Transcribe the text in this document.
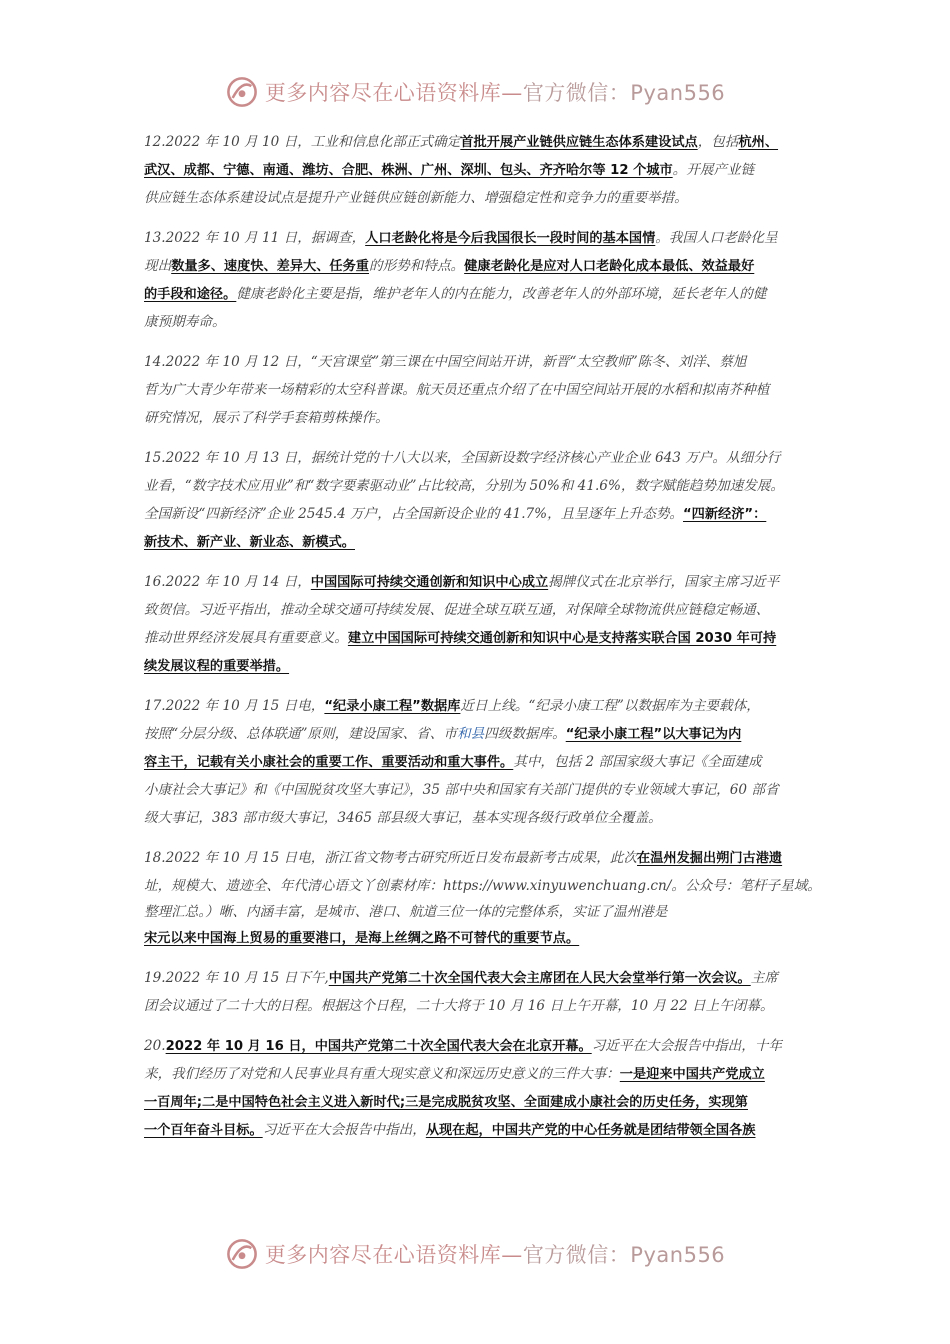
更多内容尽在心语资料库—官方微信：Pyan556
12.2022 年 10 月 10 日，工业和信息化部正式确定首批开展产业链供应链生态体系建设试点，包括杭州、
武汉、成都、宁德、南通、潍坊、合肥、株洲、广州、深圳、包头、齐齐哈尔等 12 个城市。开展产业链
供应链生态体系建设试点是提升产业链供应链创新能力、增强稳定性和竞争力的重要举措。
13.2022 年 10 月 11 日，据调查，人口老龄化将是今后我国很长一段时间的基本国情。我国人口老龄化呈
现出数量多、速度快、差异大、任务重的形势和特点。健康老龄化是应对人口老龄化成本最低、效益最好
的手段和途径。健康老龄化主要是指，维护老年人的内在能力，改善老年人的外部环境，延长老年人的健
康预期寿命。
14.2022 年 10 月 12 日，“天宫课堂”第三课在中国空间站开讲，新晋“太空教师”陈冬、刘洋、蔡旭
哲为广大青少年带来一场精彩的太空科普课。航天员还重点介绍了在中国空间站开展的水稻和拟南芥种植
研究情况，展示了科学手套箱剪株操作。
15.2022 年 10 月 13 日，据统计党的十八大以来，全国新设数字经济核心产业企业 643 万户。从细分行
业看，“数字技术应用业”和“数字要素驱动业”占比较高，分别为 50%和 41.6%，数字赋能趋势加速发展。
全国新设“四新经济”企业 2545.4 万户，占全国新设企业的 41.7%，且呈逐年上升态势。“四新经济”：
新技术、新产业、新业态、新模式。
16.2022 年 10 月 14 日，中国国际可持续交通创新和知识中心成立揭牌仪式在北京举行，国家主席习近平
致贺信。习近平指出，推动全球交通可持续发展、促进全球互联互通，对保障全球物流供应链稳定畅通、
推动世界经济发展具有重要意义。建立中国国际可持续交通创新和知识中心是支持落实联合国 2030 年可持
续发展议程的重要举措。
17.2022 年 10 月 15 日电，“纪录小康工程”数据库近日上线。“纪录小康工程”以数据库为主要载体，
按照“分层分级、总体联通”原则，建设国家、省、市和县四级数据库。“纪录小康工程”以大事记为内
容主干，记载有关小康社会的重要工作、重要活动和重大事件。其中，包括 2 部国家级大事记《全面建成
小康社会大事记》和《中国脱贫攻坚大事记》，35 部中央和国家有关部门提供的专业领域大事记，60 部省
级大事记，383 部市级大事记，3465 部县级大事记，基本实现各级行政单位全覆盖。
18.2022 年 10 月 15 日电，浙江省文物考古研究所近日发布最新考古成果，此次在温州发掘出朔门古港遗
址，规模大、遗迹全、年代清心语文丫创素材库：https://www.xinyuwenchuang.cn/。公众号：笔杆子星域。
整理汇总。）晰、内涵丰富，是城市、港口、航道三位一体的完整体系，实证了温州港是
宋元以来中国海上贸易的重要港口，是海上丝绸之路不可替代的重要节点。
19.2022 年 10 月 15 日下午,中国共产党第二十次全国代表大会主席团在人民大会堂举行第一次会议。主席
团会议通过了二十大的日程。根据这个日程，二十大将于 10 月 16 日上午开幕，10 月 22 日上午闭幕。
20.2022 年 10 月 16 日，中国共产党第二十次全国代表大会在北京开幕。习近平在大会报告中指出，十年
来，我们经历了对党和人民事业具有重大现实意义和深远历史意义的三件大事：一是迎来中国共产党成立
一百周年;二是中国特色社会主义进入新时代;三是完成脱贫攻坚、全面建成小康社会的历史任务，实现第
一个百年奋斗目标。习近平在大会报告中指出，从现在起，中国共产党的中心任务就是团结带领全国各族
更多内容尽在心语资料库—官方微信：Pyan556
